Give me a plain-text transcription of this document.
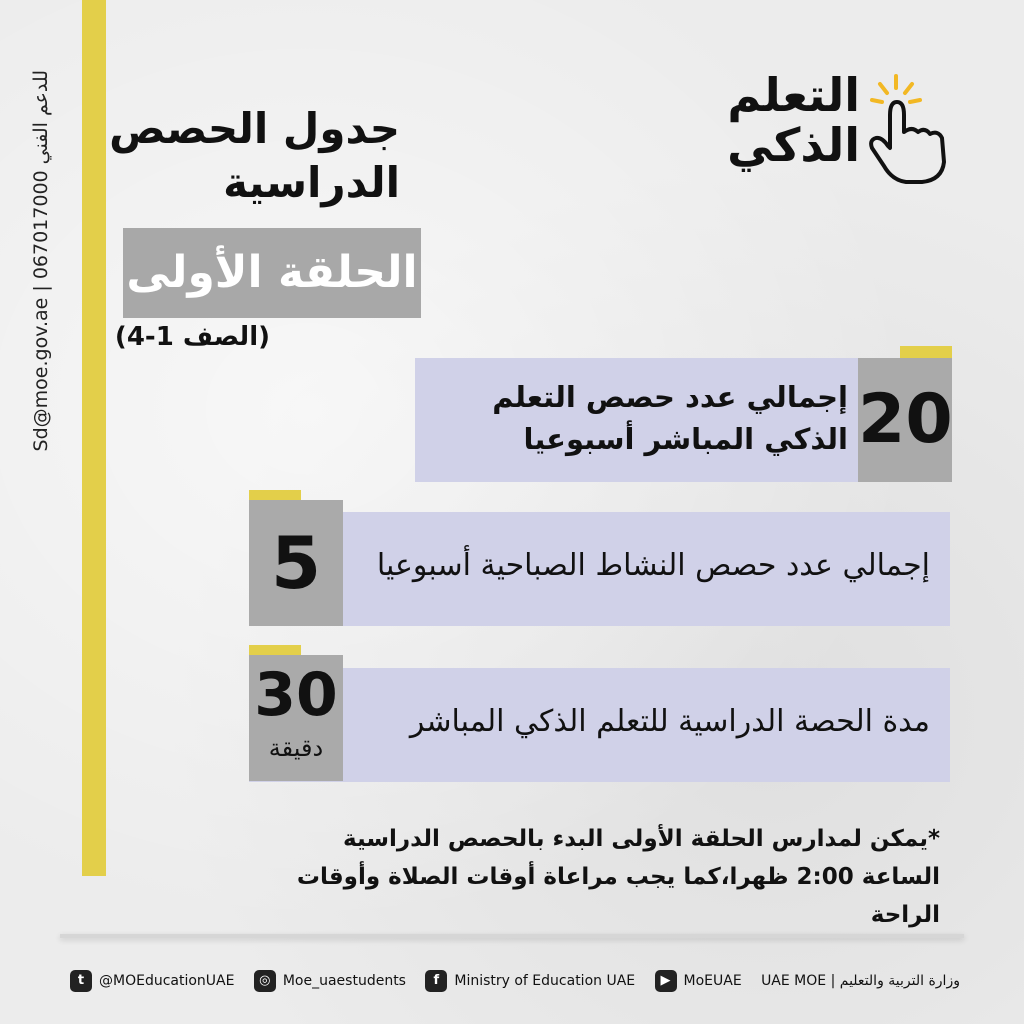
للدعم الفني 067017000 | Sd@moe.gov.ae جدول الحصص
الدراسية
الحلقة الأولى
(الصف 1-4)
التعلم
الذكي
20
إجمالي عدد حصص التعلم
الذكي المباشر أسبوعيا
5	إجمالي عدد حصص النشاط الصباحية أسبوعيا
30
دقيقة
مدة الحصة الدراسية للتعلم الذكي المباشر
*يمكن لمدارس الحلقة الأولى البدء بالحصص الدراسية
الساعة 2:00 ظهرا،كما يجب مراعاة أوقات الصلاة وأوقات الراحة
t	@MOEducationUAE	◎ Moe_uaestudents	f	Ministry of Education UAE	▶ MoEUAE وزارة التربية والتعليم | UAE MOE
